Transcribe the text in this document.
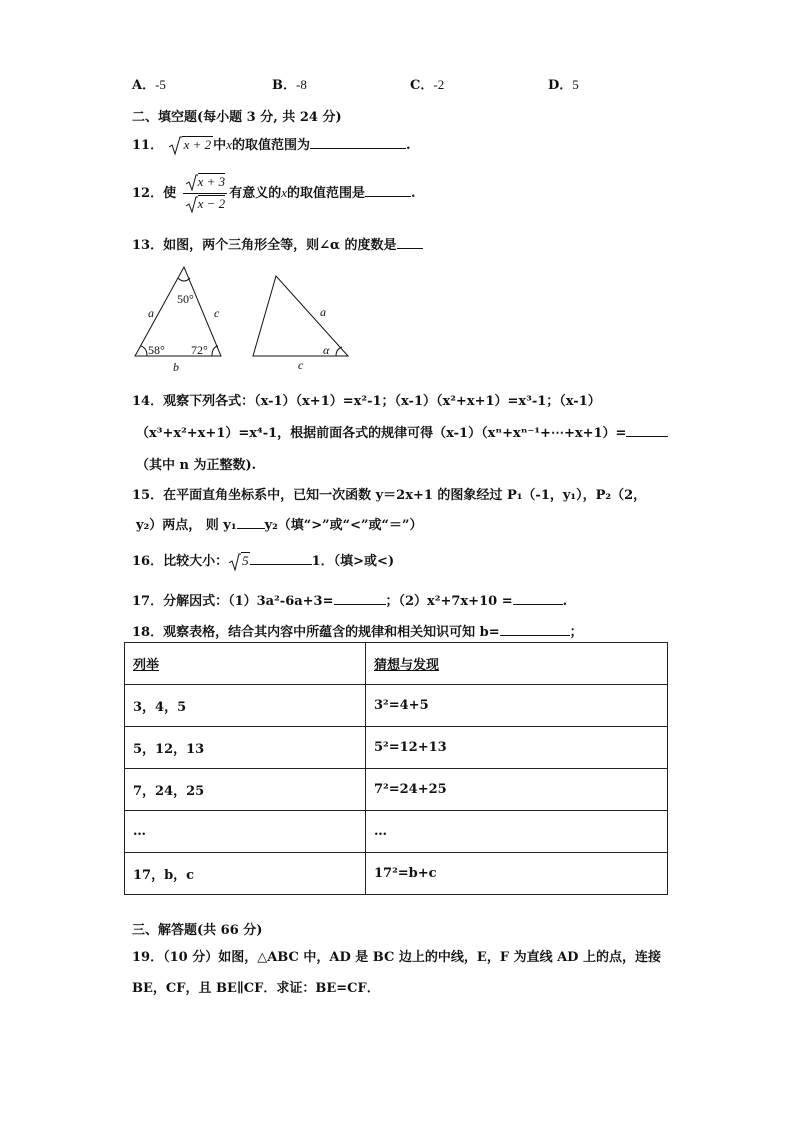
A．-5	B．-8	C．-2	D．5
二、填空题(每小题 3 分, 共 24 分)
11． x + 2 中x的取值范围为	.
12．使 $\frac{x + 3}{x - 2}$ 有意义的x的取值范围是	.
13．如图，两个三角形全等，则∠α 的度数是
50°
a	c
58° 72°
b
a
α
c
14．观察下列各式：（x-1）（x+1）=x²-1；（x-1）（x²+x+1）=x³-1；（x-1）
（x³+x²+x+1）=x⁴-1，根据前面各式的规律可得（x-1）（xⁿ+xⁿ⁻¹+⋯+x+1）=
（其中 n 为正整数).
15．在平面直角坐标系中，已知一次函数 y＝2x+1 的图象经过 P₁（-1，y₁），P₂（2，
y₂）两点， 则 y₁ y₂（填“>”或“<”或“＝”）
16．比较大小： 5	1．（填>或<)
17．分解因式：（1）3a²-6a+3=	；（2）x²+7x+10 =	.
18．观察表格，结合其内容中所蕴含的规律和相关知识可知 b=	；
列举	猜想与发现
3，4，5	3²=4+5
5，12，13	5²=12+13
7，24，25	7²=24+25
…	…
17，b，c	17²=b+c
三、解答题(共 66 分)
19．（10 分）如图，△ABC 中，AD 是 BC 边上的中线，E，F 为直线 AD 上的点，连接
BE，CF，且 BE∥CF．求证：BE=CF．
